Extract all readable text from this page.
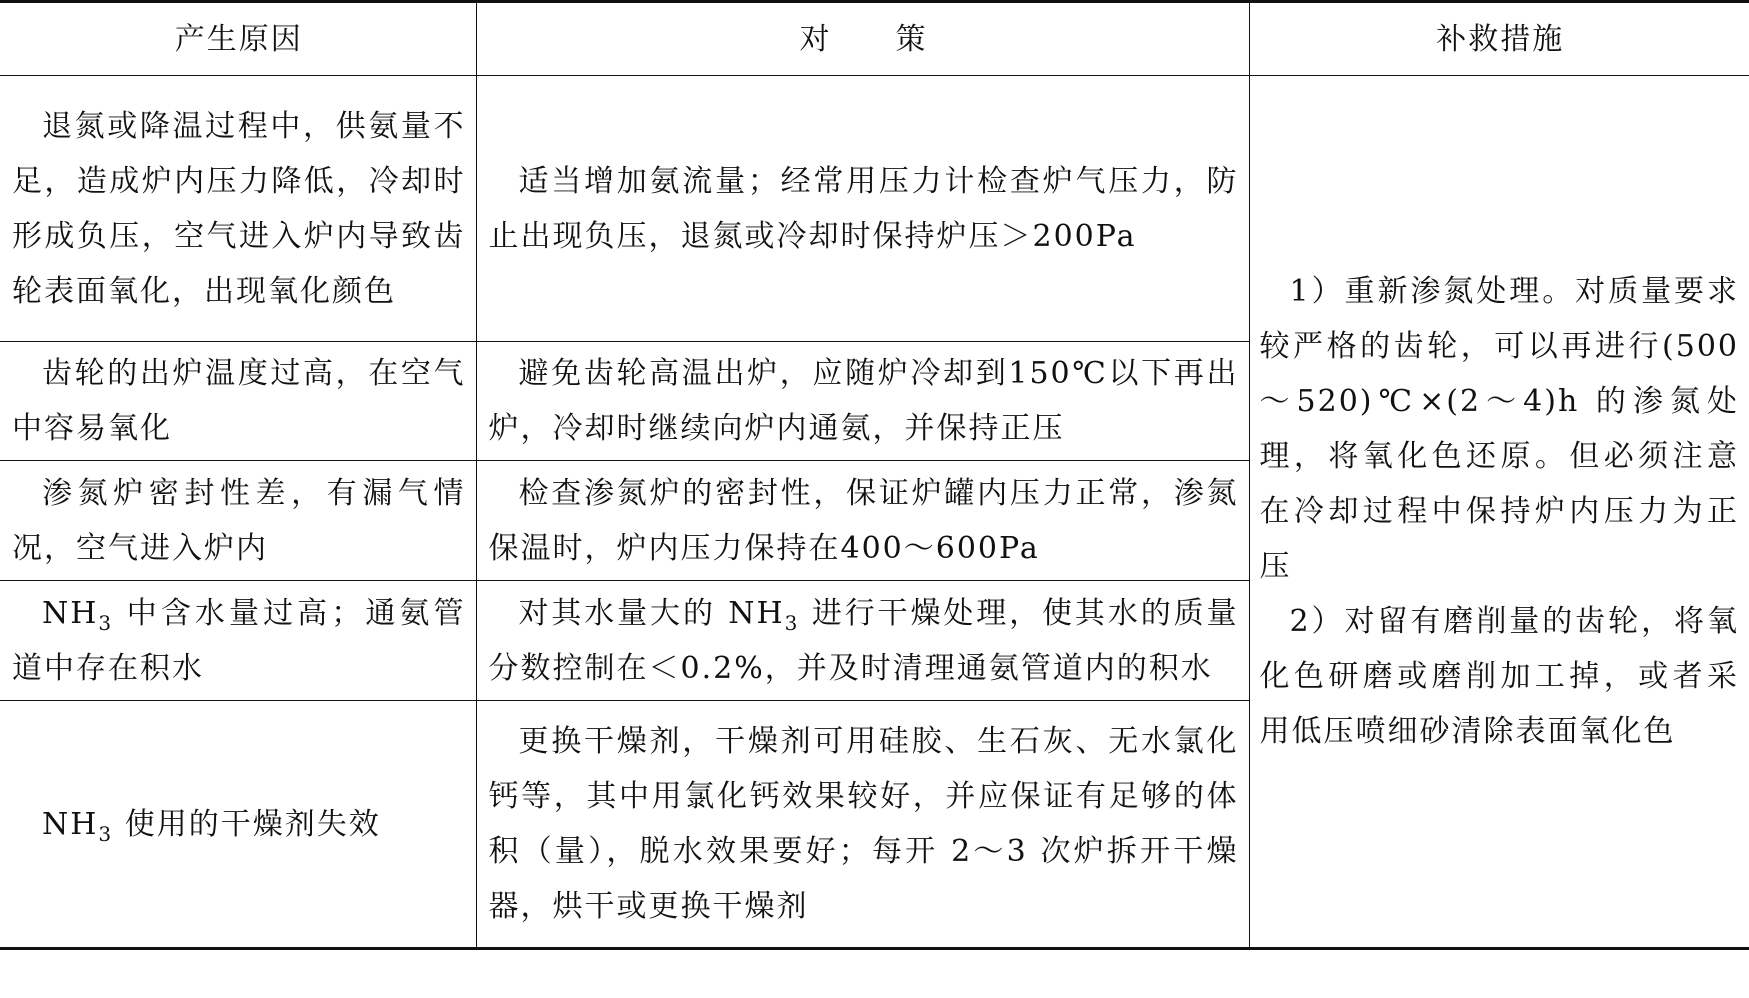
产生原因	对　　策	补救措施
退氮或降温过程中，供氨量不足，造成炉内压力降低，冷却时形成负压，空气进入炉内导致齿轮表面氧化，出现氧化颜色	适当增加氨流量；经常用压力计检查炉气压力，防止出现负压，退氮或冷却时保持炉压＞200Pa	1）重新渗氮处理。对质量要求较严格的齿轮，可以再进行(500～520)℃×(2～4)h 的渗氮处理，将氧化色还原。但必须注意在冷却过程中保持炉内压力为正压

2）对留有磨削量的齿轮，将氧化色研磨或磨削加工掉，或者采用低压喷细砂清除表面氧化色

齿轮的出炉温度过高，在空气中容易氧化	避免齿轮高温出炉，应随炉冷却到150℃以下再出炉，冷却时继续向炉内通氨，并保持正压	
渗氮炉密封性差，有漏气情况，空气进入炉内	检查渗氮炉的密封性，保证炉罐内压力正常，渗氮保温时，炉内压力保持在400～600Pa	
$NH_3$ 中含水量过高；通氨管道中存在积水	对其水量大的 $NH_3$ 进行干燥处理，使其水的质量分数控制在＜0.2%，并及时清理通氨管道内的积水	
$NH_3$ 使用的干燥剂失效	更换干燥剂，干燥剂可用硅胶、生石灰、无水氯化钙等，其中用氯化钙效果较好，并应保证有足够的体积（量），脱水效果要好；每开 2～3 次炉拆开干燥器，烘干或更换干燥剂	
